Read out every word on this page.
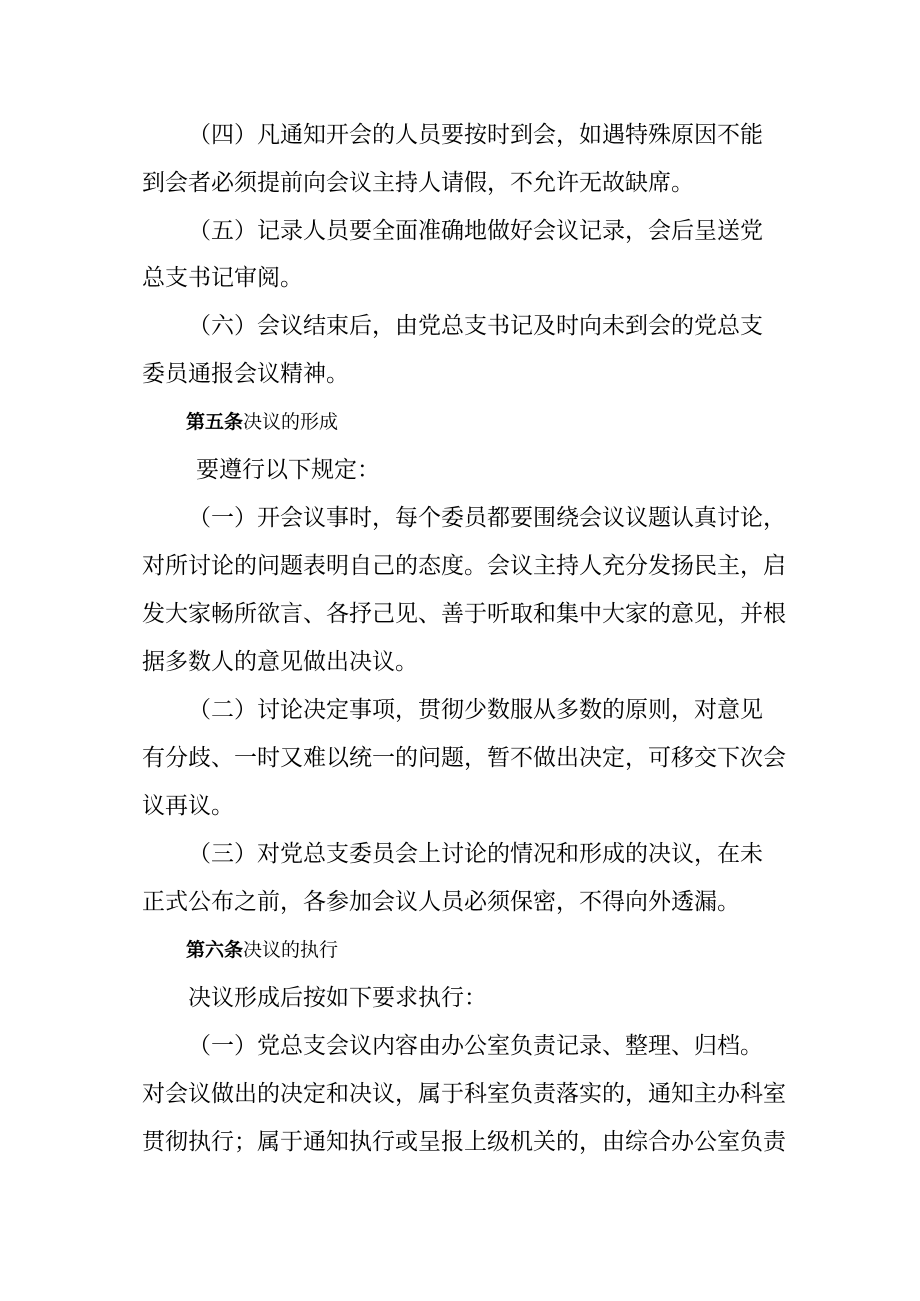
（四）凡通知开会的人员要按时到会，如遇特殊原因不能
到会者必须提前向会议主持人请假，不允许无故缺席。
（五）记录人员要全面准确地做好会议记录，会后呈送党
总支书记审阅。
（六）会议结束后，由党总支书记及时向未到会的党总支
委员通报会议精神。
第五条决议的形成
要遵行以下规定：
（一）开会议事时，每个委员都要围绕会议议题认真讨论，
对所讨论的问题表明自己的态度。会议主持人充分发扬民主，启
发大家畅所欲言、各抒己见、善于听取和集中大家的意见，并根
据多数人的意见做出决议。
（二）讨论决定事项，贯彻少数服从多数的原则，对意见
有分歧、一时又难以统一的问题，暂不做出决定，可移交下次会
议再议。
（三）对党总支委员会上讨论的情况和形成的决议，在未
正式公布之前，各参加会议人员必须保密，不得向外透漏。
第六条决议的执行
决议形成后按如下要求执行：
（一）党总支会议内容由办公室负责记录、整理、归档。
对会议做出的决定和决议，属于科室负责落实的，通知主办科室
贯彻执行；属于通知执行或呈报上级机关的，由综合办公室负责
